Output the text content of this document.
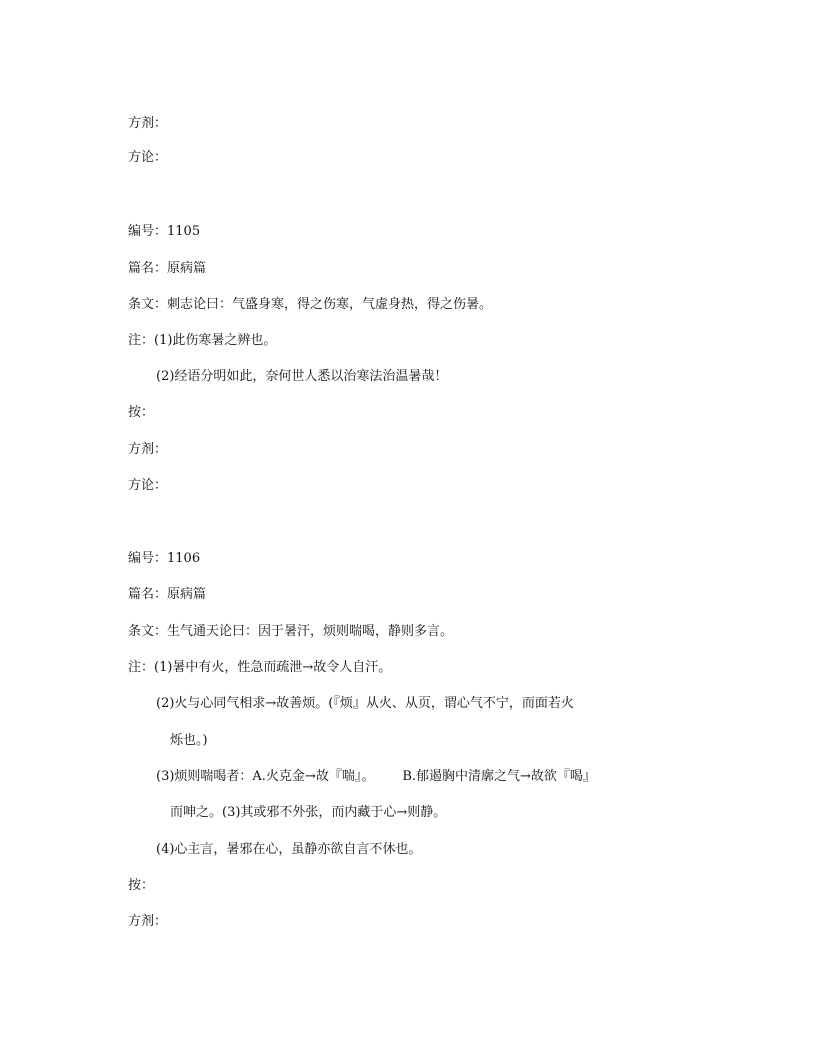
方剂：
方论：
编号：1105
篇名：原病篇
条文：刺志论曰：气盛身寒，得之伤寒，气虚身热，得之伤暑。
注：(1)此伤寒暑之辨也。
(2)经语分明如此，奈何世人悉以治寒法治温暑哉！
按：
方剂：
方论：
编号：1106
篇名：原病篇
条文：生气通天论曰：因于暑汗，烦则喘喝，静则多言。
注：(1)暑中有火，性急而疏泄→故令人自汗。
(2)火与心同气相求→故善烦。(『烦』从火、从页，谓心气不宁，而面若火
烁也。)
(3)烦则喘喝者：A.火克金→故『喘』。 B.郁遏胸中清廓之气→故欲『喝』
而呻之。(3)其或邪不外张，而内藏于心→则静。
(4)心主言，暑邪在心，虽静亦欲自言不休也。
按：
方剂：
